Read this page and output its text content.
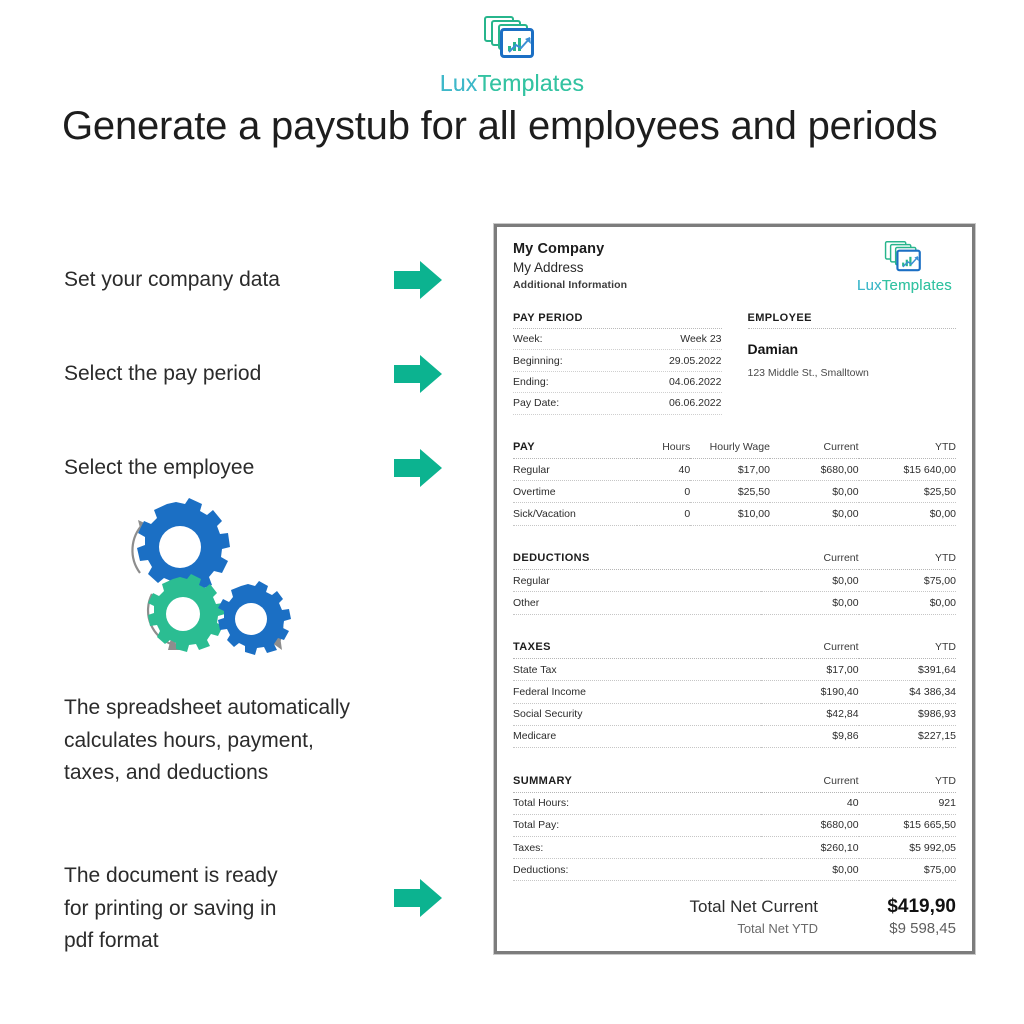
LuxTemplates
Generate a paystub for all employees and periods
Set your company data
Select the pay period
Select the employee
The spreadsheet automatically
calculates hours, payment,
taxes, and deductions
The document is ready
for printing or saving in
pdf format
My Company
My Address
Additional Information	LuxTemplates
PAY PERIOD
Week:	Week 23
Beginning:	29.05.2022
Ending:	04.06.2022
Pay Date:	06.06.2022
EMPLOYEE
Damian
123 Middle St., Smalltown
PAY	Hours	Hourly Wage	Current	YTD
Regular	40	$17,00	$680,00	$15 640,00
Overtime	0	$25,50	$0,00	$25,50
Sick/Vacation	0	$10,00	$0,00	$0,00
DEDUCTIONS	Current	YTD
Regular	$0,00	$75,00
Other	$0,00	$0,00
TAXES	Current	YTD
State Tax	$17,00	$391,64
Federal Income	$190,40	$4 386,34
Social Security	$42,84	$986,93
Medicare	$9,86	$227,15
SUMMARY	Current	YTD
Total Hours:	40	921
Total Pay:	$680,00	$15 665,50
Taxes:	$260,10	$5 992,05
Deductions:	$0,00	$75,00
Total Net Current	$419,90
Total Net YTD	$9 598,45
